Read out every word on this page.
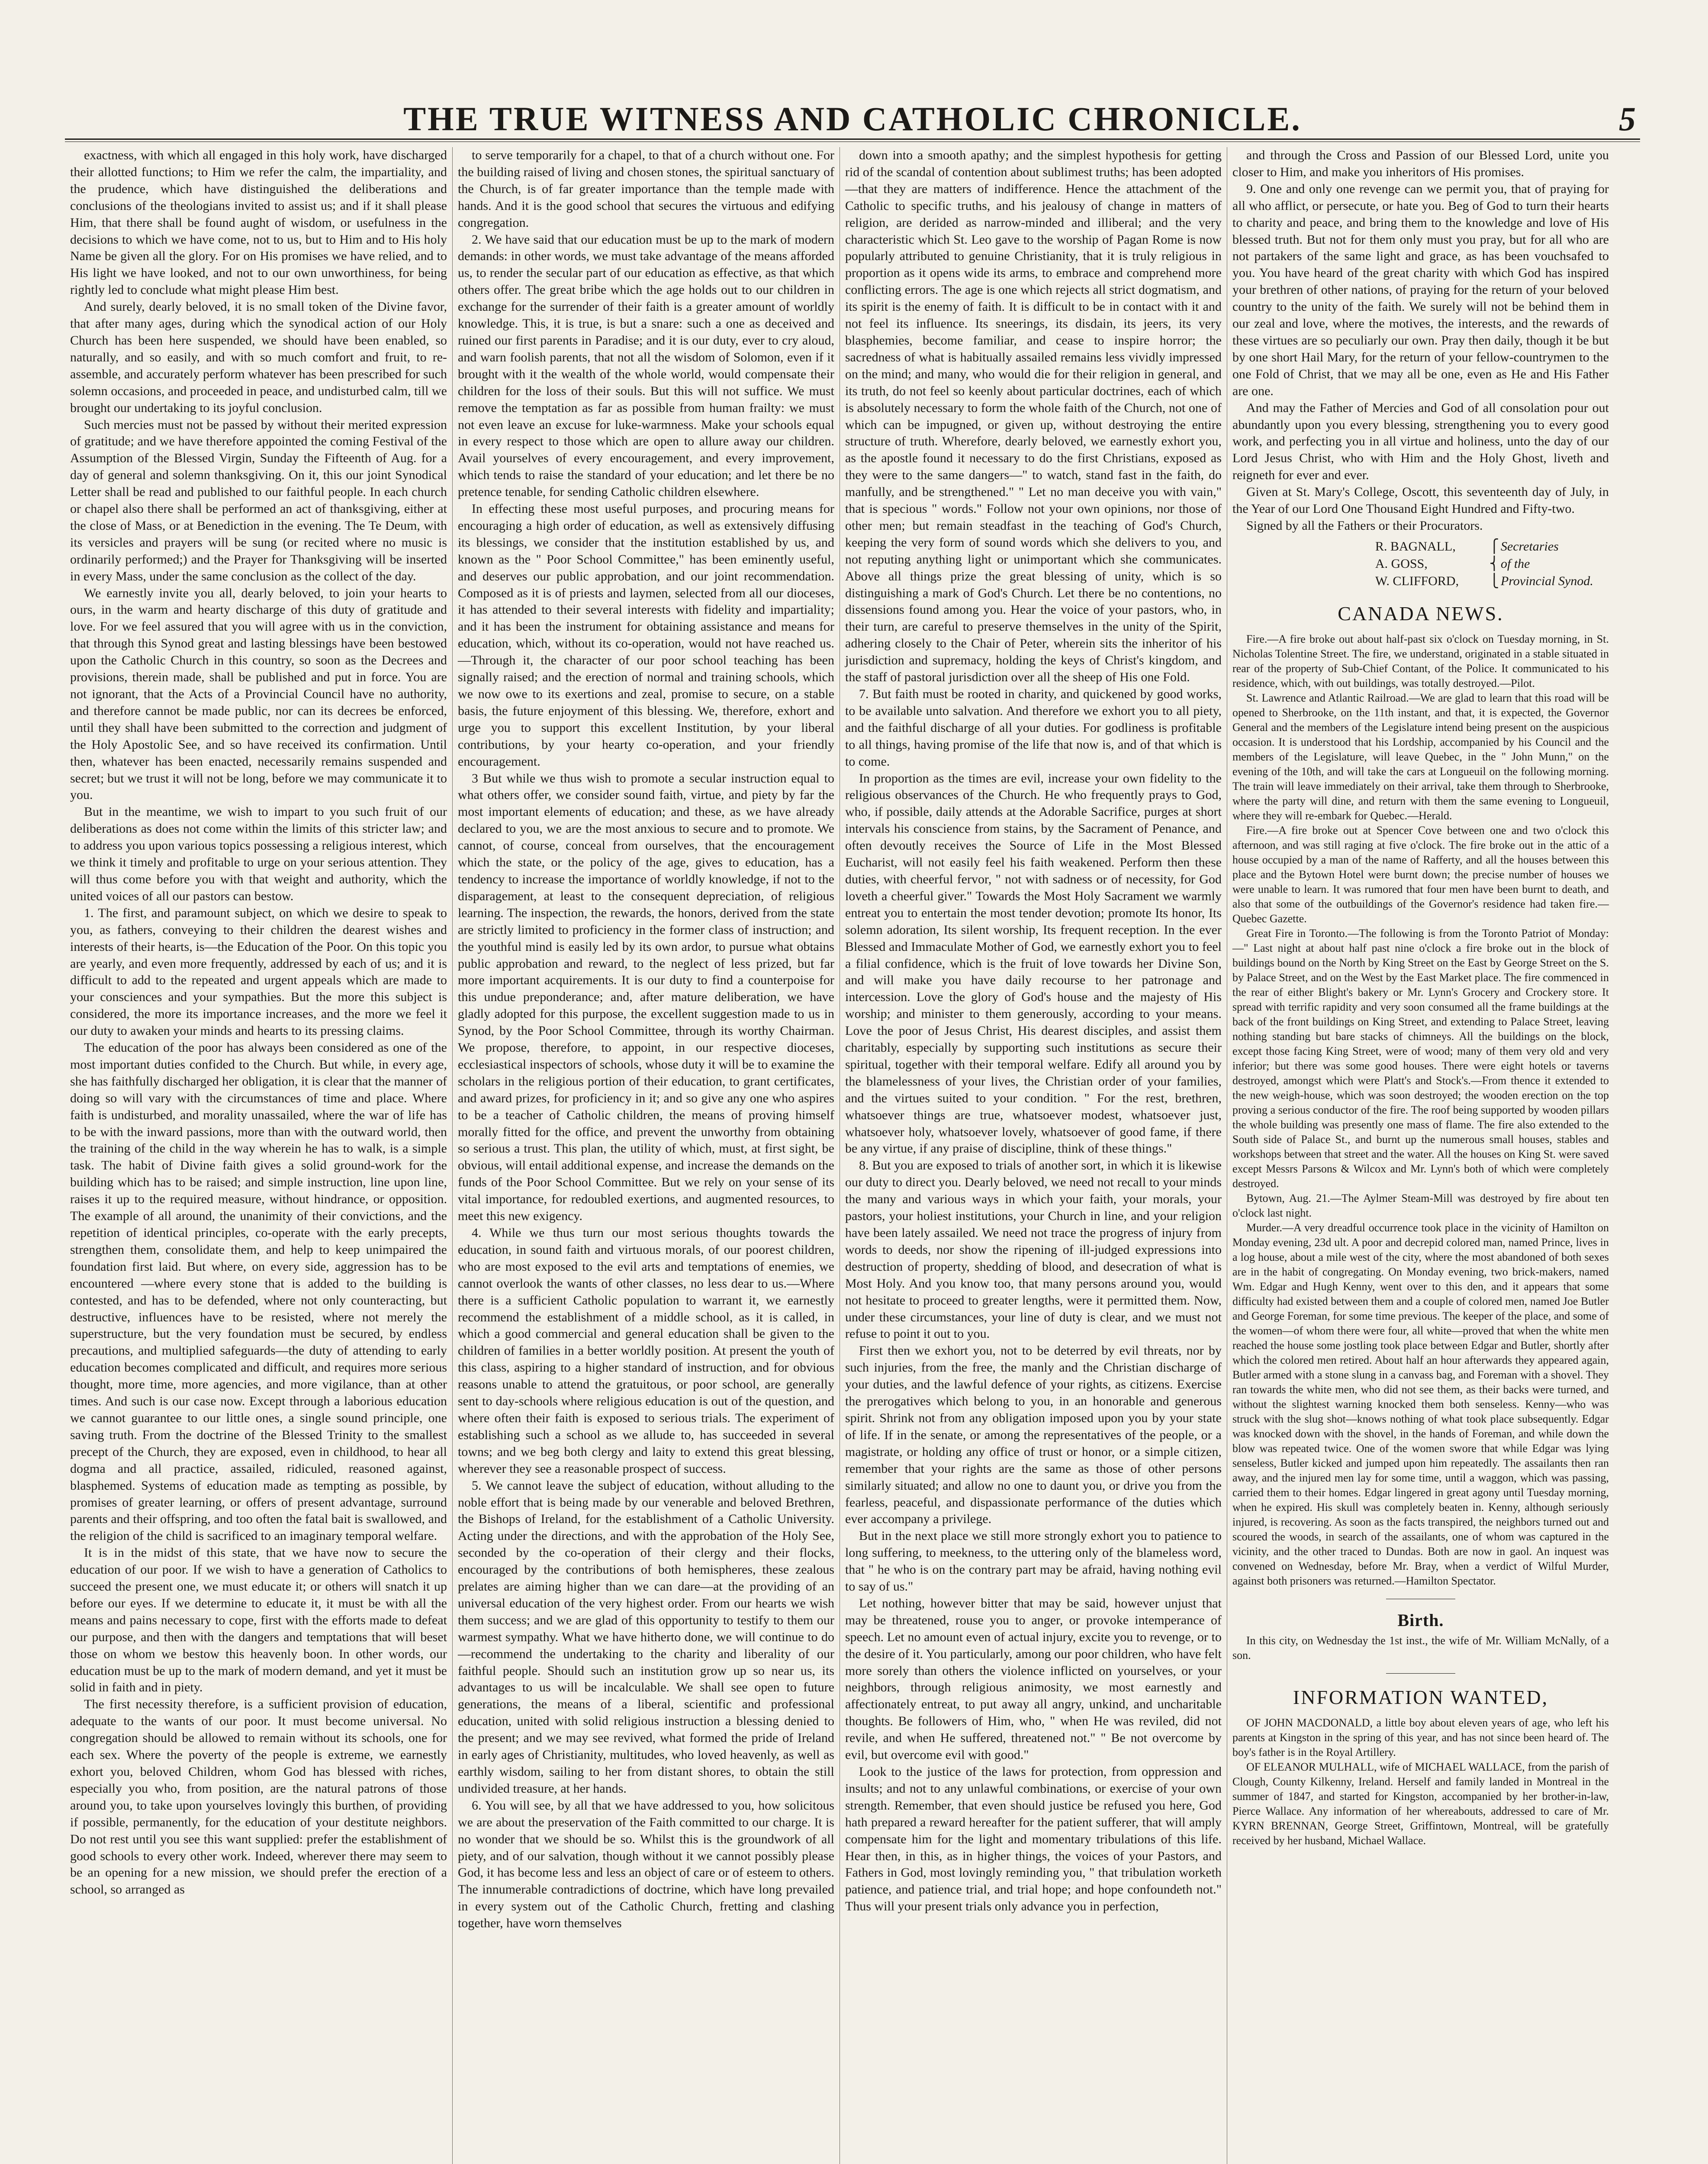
THE TRUE WITNESS AND CATHOLIC CHRONICLE.	5

exactness, with which all engaged in this holy work, have discharged their allotted functions; to Him we refer the calm, the impartiality, and the prudence, which have distinguished the deliberations and conclusions of the theologians invited to assist us; and if it shall please Him, that there shall be found aught of wisdom, or usefulness in the decisions to which we have come, not to us, but to Him and to His holy Name be given all the glory. For on His promises we have relied, and to His light we have looked, and not to our own unworthiness, for being rightly led to conclude what might please Him best.

And surely, dearly beloved, it is no small token of the Divine favor, that after many ages, during which the synodical action of our Holy Church has been here suspended, we should have been enabled, so naturally, and so easily, and with so much comfort and fruit, to re-assemble, and accurately perform whatever has been prescribed for such solemn occasions, and proceeded in peace, and undisturbed calm, till we brought our undertaking to its joyful conclusion.

Such mercies must not be passed by without their merited expression of gratitude; and we have therefore appointed the coming Festival of the Assumption of the Blessed Virgin, Sunday the Fifteenth of Aug. for a day of general and solemn thanksgiving. On it, this our joint Synodical Letter shall be read and published to our faithful people. In each church or chapel also there shall be performed an act of thanksgiving, either at the close of Mass, or at Benediction in the evening. The Te Deum, with its versicles and prayers will be sung (or recited where no music is ordinarily performed;) and the Prayer for Thanksgiving will be inserted in every Mass, under the same conclusion as the collect of the day.

We earnestly invite you all, dearly beloved, to join your hearts to ours, in the warm and hearty discharge of this duty of gratitude and love. For we feel assured that you will agree with us in the conviction, that through this Synod great and lasting blessings have been bestowed upon the Catholic Church in this country, so soon as the Decrees and provisions, therein made, shall be published and put in force. You are not ignorant, that the Acts of a Provincial Council have no authority, and therefore cannot be made public, nor can its decrees be enforced, until they shall have been submitted to the correction and judgment of the Holy Apostolic See, and so have received its confirmation. Until then, whatever has been enacted, necessarily remains suspended and secret; but we trust it will not be long, before we may communicate it to you.

But in the meantime, we wish to impart to you such fruit of our deliberations as does not come within the limits of this stricter law; and to address you upon various topics possessing a religious interest, which we think it timely and profitable to urge on your serious attention. They will thus come before you with that weight and authority, which the united voices of all our pastors can bestow.

1. The first, and paramount subject, on which we desire to speak to you, as fathers, conveying to their children the dearest wishes and interests of their hearts, is—the Education of the Poor. On this topic you are yearly, and even more frequently, addressed by each of us; and it is difficult to add to the repeated and urgent appeals which are made to your consciences and your sympathies. But the more this subject is considered, the more its importance increases, and the more we feel it our duty to awaken your minds and hearts to its pressing claims.

The education of the poor has always been considered as one of the most important duties confided to the Church. But while, in every age, she has faithfully discharged her obligation, it is clear that the manner of doing so will vary with the circumstances of time and place. Where faith is undisturbed, and morality unassailed, where the war of life has to be with the inward passions, more than with the outward world, then the training of the child in the way wherein he has to walk, is a simple task. The habit of Divine faith gives a solid ground-work for the building which has to be raised; and simple instruction, line upon line, raises it up to the required measure, without hindrance, or opposition. The example of all around, the unanimity of their convictions, and the repetition of identical principles, co-operate with the early precepts, strengthen them, consolidate them, and help to keep unimpaired the foundation first laid. But where, on every side, aggression has to be encountered —where every stone that is added to the building is contested, and has to be defended, where not only counteracting, but destructive, influences have to be resisted, where not merely the superstructure, but the very foundation must be secured, by endless precautions, and multiplied safeguards—the duty of attending to early education becomes complicated and difficult, and requires more serious thought, more time, more agencies, and more vigilance, than at other times. And such is our case now. Except through a laborious education we cannot guarantee to our little ones, a single sound principle, one saving truth. From the doctrine of the Blessed Trinity to the smallest precept of the Church, they are exposed, even in childhood, to hear all dogma and all practice, assailed, ridiculed, reasoned against, blasphemed. Systems of education made as tempting as possible, by promises of greater learning, or offers of present advantage, surround parents and their offspring, and too often the fatal bait is swallowed, and the religion of the child is sacrificed to an imaginary temporal welfare.

It is in the midst of this state, that we have now to secure the education of our poor. If we wish to have a generation of Catholics to succeed the present one, we must educate it; or others will snatch it up before our eyes. If we determine to educate it, it must be with all the means and pains necessary to cope, first with the efforts made to defeat our purpose, and then with the dangers and temptations that will beset those on whom we bestow this heavenly boon. In other words, our education must be up to the mark of modern demand, and yet it must be solid in faith and in piety.

The first necessity therefore, is a sufficient provision of education, adequate to the wants of our poor. It must become universal. No congregation should be allowed to remain without its schools, one for each sex. Where the poverty of the people is extreme, we earnestly exhort you, beloved Children, whom God has blessed with riches, especially you who, from position, are the natural patrons of those around you, to take upon yourselves lovingly this burthen, of providing if possible, permanently, for the education of your destitute neighbors. Do not rest until you see this want supplied: prefer the establishment of good schools to every other work. Indeed, wherever there may seem to be an opening for a new mission, we should prefer the erection of a school, so arranged as

to serve temporarily for a chapel, to that of a church without one. For the building raised of living and chosen stones, the spiritual sanctuary of the Church, is of far greater importance than the temple made with hands. And it is the good school that secures the virtuous and edifying congregation.

2. We have said that our education must be up to the mark of modern demands: in other words, we must take advantage of the means afforded us, to render the secular part of our education as effective, as that which others offer. The great bribe which the age holds out to our children in exchange for the surrender of their faith is a greater amount of worldly knowledge. This, it is true, is but a snare: such a one as deceived and ruined our first parents in Paradise; and it is our duty, ever to cry aloud, and warn foolish parents, that not all the wisdom of Solomon, even if it brought with it the wealth of the whole world, would compensate their children for the loss of their souls. But this will not suffice. We must remove the temptation as far as possible from human frailty: we must not even leave an excuse for luke-warmness. Make your schools equal in every respect to those which are open to allure away our children. Avail yourselves of every encouragement, and every improvement, which tends to raise the standard of your education; and let there be no pretence tenable, for sending Catholic children elsewhere.

In effecting these most useful purposes, and procuring means for encouraging a high order of education, as well as extensively diffusing its blessings, we consider that the institution established by us, and known as the " Poor School Committee," has been eminently useful, and deserves our public approbation, and our joint recommendation. Composed as it is of priests and laymen, selected from all our dioceses, it has attended to their several interests with fidelity and impartiality; and it has been the instrument for obtaining assistance and means for education, which, without its co-operation, would not have reached us.—Through it, the character of our poor school teaching has been signally raised; and the erection of normal and training schools, which we now owe to its exertions and zeal, promise to secure, on a stable basis, the future enjoyment of this blessing. We, therefore, exhort and urge you to support this excellent Institution, by your liberal contributions, by your hearty co-operation, and your friendly encouragement.

3 But while we thus wish to promote a secular instruction equal to what others offer, we consider sound faith, virtue, and piety by far the most important elements of education; and these, as we have already declared to you, we are the most anxious to secure and to promote. We cannot, of course, conceal from ourselves, that the encouragement which the state, or the policy of the age, gives to education, has a tendency to increase the importance of worldly knowledge, if not to the disparagement, at least to the consequent depreciation, of religious learning. The inspection, the rewards, the honors, derived from the state are strictly limited to proficiency in the former class of instruction; and the youthful mind is easily led by its own ardor, to pursue what obtains public approbation and reward, to the neglect of less prized, but far more important acquirements. It is our duty to find a counterpoise for this undue preponderance; and, after mature deliberation, we have gladly adopted for this purpose, the excellent suggestion made to us in Synod, by the Poor School Committee, through its worthy Chairman. We propose, therefore, to appoint, in our respective dioceses, ecclesiastical inspectors of schools, whose duty it will be to examine the scholars in the religious portion of their education, to grant certificates, and award prizes, for proficiency in it; and so give any one who aspires to be a teacher of Catholic children, the means of proving himself morally fitted for the office, and prevent the unworthy from obtaining so serious a trust. This plan, the utility of which, must, at first sight, be obvious, will entail additional expense, and increase the demands on the funds of the Poor School Committee. But we rely on your sense of its vital importance, for redoubled exertions, and augmented resources, to meet this new exigency.

4. While we thus turn our most serious thoughts towards the education, in sound faith and virtuous morals, of our poorest children, who are most exposed to the evil arts and temptations of enemies, we cannot overlook the wants of other classes, no less dear to us.—Where there is a sufficient Catholic population to warrant it, we earnestly recommend the establishment of a middle school, as it is called, in which a good commercial and general education shall be given to the children of families in a better worldly position. At present the youth of this class, aspiring to a higher standard of instruction, and for obvious reasons unable to attend the gratuitous, or poor school, are generally sent to day-schools where religious education is out of the question, and where often their faith is exposed to serious trials. The experiment of establishing such a school as we allude to, has succeeded in several towns; and we beg both clergy and laity to extend this great blessing, wherever they see a reasonable prospect of success.

5. We cannot leave the subject of education, without alluding to the noble effort that is being made by our venerable and beloved Brethren, the Bishops of Ireland, for the establishment of a Catholic University. Acting under the directions, and with the approbation of the Holy See, seconded by the co-operation of their clergy and their flocks, encouraged by the contributions of both hemispheres, these zealous prelates are aiming higher than we can dare—at the providing of an universal education of the very highest order. From our hearts we wish them success; and we are glad of this opportunity to testify to them our warmest sympathy. What we have hitherto done, we will continue to do—recommend the undertaking to the charity and liberality of our faithful people. Should such an institution grow up so near us, its advantages to us will be incalculable. We shall see open to future generations, the means of a liberal, scientific and professional education, united with solid religious instruction a blessing denied to the present; and we may see revived, what formed the pride of Ireland in early ages of Christianity, multitudes, who loved heavenly, as well as earthly wisdom, sailing to her from distant shores, to obtain the still undivided treasure, at her hands.

6. You will see, by all that we have addressed to you, how solicitous we are about the preservation of the Faith committed to our charge. It is no wonder that we should be so. Whilst this is the groundwork of all piety, and of our salvation, though without it we cannot possibly please God, it has become less and less an object of care or of esteem to others. The innumerable contradictions of doctrine, which have long prevailed in every system out of the Catholic Church, fretting and clashing together, have worn themselves

down into a smooth apathy; and the simplest hypothesis for getting rid of the scandal of contention about sublimest truths; has been adopted—that they are matters of indifference. Hence the attachment of the Catholic to specific truths, and his jealousy of change in matters of religion, are derided as narrow-minded and illiberal; and the very characteristic which St. Leo gave to the worship of Pagan Rome is now popularly attributed to genuine Christianity, that it is truly religious in proportion as it opens wide its arms, to embrace and comprehend more conflicting errors. The age is one which rejects all strict dogmatism, and its spirit is the enemy of faith. It is difficult to be in contact with it and not feel its influence. Its sneerings, its disdain, its jeers, its very blasphemies, become familiar, and cease to inspire horror; the sacredness of what is habitually assailed remains less vividly impressed on the mind; and many, who would die for their religion in general, and its truth, do not feel so keenly about particular doctrines, each of which is absolutely necessary to form the whole faith of the Church, not one of which can be impugned, or given up, without destroying the entire structure of truth. Wherefore, dearly beloved, we earnestly exhort you, as the apostle found it necessary to do the first Christians, exposed as they were to the same dangers—" to watch, stand fast in the faith, do manfully, and be strengthened." " Let no man deceive you with vain," that is specious " words." Follow not your own opinions, nor those of other men; but remain steadfast in the teaching of God's Church, keeping the very form of sound words which she delivers to you, and not reputing anything light or unimportant which she communicates. Above all things prize the great blessing of unity, which is so distinguishing a mark of God's Church. Let there be no contentions, no dissensions found among you. Hear the voice of your pastors, who, in their turn, are careful to preserve themselves in the unity of the Spirit, adhering closely to the Chair of Peter, wherein sits the inheritor of his jurisdiction and supremacy, holding the keys of Christ's kingdom, and the staff of pastoral jurisdiction over all the sheep of His one Fold.

7. But faith must be rooted in charity, and quickened by good works, to be available unto salvation. And therefore we exhort you to all piety, and the faithful discharge of all your duties. For godliness is profitable to all things, having promise of the life that now is, and of that which is to come.

In proportion as the times are evil, increase your own fidelity to the religious observances of the Church. He who frequently prays to God, who, if possible, daily attends at the Adorable Sacrifice, purges at short intervals his conscience from stains, by the Sacrament of Penance, and often devoutly receives the Source of Life in the Most Blessed Eucharist, will not easily feel his faith weakened. Perform then these duties, with cheerful fervor, " not with sadness or of necessity, for God loveth a cheerful giver." Towards the Most Holy Sacrament we warmly entreat you to entertain the most tender devotion; promote Its honor, Its solemn adoration, Its silent worship, Its frequent reception. In the ever Blessed and Immaculate Mother of God, we earnestly exhort you to feel a filial confidence, which is the fruit of love towards her Divine Son, and will make you have daily recourse to her patronage and intercession. Love the glory of God's house and the majesty of His worship; and minister to them generously, according to your means. Love the poor of Jesus Christ, His dearest disciples, and assist them charitably, especially by supporting such institutions as secure their spiritual, together with their temporal welfare. Edify all around you by the blamelessness of your lives, the Christian order of your families, and the virtues suited to your condition. " For the rest, brethren, whatsoever things are true, whatsoever modest, whatsoever just, whatsoever holy, whatsoever lovely, whatsoever of good fame, if there be any virtue, if any praise of discipline, think of these things."

8. But you are exposed to trials of another sort, in which it is likewise our duty to direct you. Dearly beloved, we need not recall to your minds the many and various ways in which your faith, your morals, your pastors, your holiest institutions, your Church in line, and your religion have been lately assailed. We need not trace the progress of injury from words to deeds, nor show the ripening of ill-judged expressions into destruction of property, shedding of blood, and desecration of what is Most Holy. And you know too, that many persons around you, would not hesitate to proceed to greater lengths, were it permitted them. Now, under these circumstances, your line of duty is clear, and we must not refuse to point it out to you.

First then we exhort you, not to be deterred by evil threats, nor by such injuries, from the free, the manly and the Christian discharge of your duties, and the lawful defence of your rights, as citizens. Exercise the prerogatives which belong to you, in an honorable and generous spirit. Shrink not from any obligation imposed upon you by your state of life. If in the senate, or among the representatives of the people, or a magistrate, or holding any office of trust or honor, or a simple citizen, remember that your rights are the same as those of other persons similarly situated; and allow no one to daunt you, or drive you from the fearless, peaceful, and dispassionate performance of the duties which ever accompany a privilege.

But in the next place we still more strongly exhort you to patience to long suffering, to meekness, to the uttering only of the blameless word, that " he who is on the contrary part may be afraid, having nothing evil to say of us."

Let nothing, however bitter that may be said, however unjust that may be threatened, rouse you to anger, or provoke intemperance of speech. Let no amount even of actual injury, excite you to revenge, or to the desire of it. You particularly, among our poor children, who have felt more sorely than others the violence inflicted on yourselves, or your neighbors, through religious animosity, we most earnestly and affectionately entreat, to put away all angry, unkind, and uncharitable thoughts. Be followers of Him, who, " when He was reviled, did not revile, and when He suffered, threatened not." " Be not overcome by evil, but overcome evil with good."

Look to the justice of the laws for protection, from oppression and insults; and not to any unlawful combinations, or exercise of your own strength. Remember, that even should justice be refused you here, God hath prepared a reward hereafter for the patient sufferer, that will amply compensate him for the light and momentary tribulations of this life. Hear then, in this, as in higher things, the voices of your Pastors, and Fathers in God, most lovingly reminding you, " that tribulation worketh patience, and patience trial, and trial hope; and hope confoundeth not." Thus will your present trials only advance you in perfection,

and through the Cross and Passion of our Blessed Lord, unite you closer to Him, and make you inheritors of His promises.

9. One and only one revenge can we permit you, that of praying for all who afflict, or persecute, or hate you. Beg of God to turn their hearts to charity and peace, and bring them to the knowledge and love of His blessed truth. But not for them only must you pray, but for all who are not partakers of the same light and grace, as has been vouchsafed to you. You have heard of the great charity with which God has inspired your brethren of other nations, of praying for the return of your beloved country to the unity of the faith. We surely will not be behind them in our zeal and love, where the motives, the interests, and the rewards of these virtues are so peculiarly our own. Pray then daily, though it be but by one short Hail Mary, for the return of your fellow-countrymen to the one Fold of Christ, that we may all be one, even as He and His Father are one.

And may the Father of Mercies and God of all consolation pour out abundantly upon you every blessing, strengthening you to every good work, and perfecting you in all virtue and holiness, unto the day of our Lord Jesus Christ, who with Him and the Holy Ghost, liveth and reigneth for ever and ever.

Given at St. Mary's College, Oscott, this seventeenth day of July, in the Year of our Lord One Thousand Eight Hundred and Fifty-two.

Signed by all the Fathers or their Procurators.

R. BAGNALL,	⎧ Secretaries
A. GOSS,	⎨ of the
W. CLIFFORD,	⎩ Provincial Synod.
CANADA NEWS.

Fire.—A fire broke out about half-past six o'clock on Tuesday morning, in St. Nicholas Tolentine Street. The fire, we understand, originated in a stable situated in rear of the property of Sub-Chief Contant, of the Police. It communicated to his residence, which, with out buildings, was totally destroyed.—Pilot.

St. Lawrence and Atlantic Railroad.—We are glad to learn that this road will be opened to Sherbrooke, on the 11th instant, and that, it is expected, the Governor General and the members of the Legislature intend being present on the auspicious occasion. It is understood that his Lordship, accompanied by his Council and the members of the Legislature, will leave Quebec, in the " John Munn," on the evening of the 10th, and will take the cars at Longueuil on the following morning. The train will leave immediately on their arrival, take them through to Sherbrooke, where the party will dine, and return with them the same evening to Longueuil, where they will re-embark for Quebec.—Herald.

Fire.—A fire broke out at Spencer Cove between one and two o'clock this afternoon, and was still raging at five o'clock. The fire broke out in the attic of a house occupied by a man of the name of Rafferty, and all the houses between this place and the Bytown Hotel were burnt down; the precise number of houses we were unable to learn. It was rumored that four men have been burnt to death, and also that some of the outbuildings of the Governor's residence had taken fire.—Quebec Gazette.

Great Fire in Toronto.—The following is from the Toronto Patriot of Monday:—" Last night at about half past nine o'clock a fire broke out in the block of buildings bound on the North by King Street on the East by George Street on the S. by Palace Street, and on the West by the East Market place. The fire commenced in the rear of either Blight's bakery or Mr. Lynn's Grocery and Crockery store. It spread with terrific rapidity and very soon consumed all the frame buildings at the back of the front buildings on King Street, and extending to Palace Street, leaving nothing standing but bare stacks of chimneys. All the buildings on the block, except those facing King Street, were of wood; many of them very old and very inferior; but there was some good houses. There were eight hotels or taverns destroyed, amongst which were Platt's and Stock's.—From thence it extended to the new weigh-house, which was soon destroyed; the wooden erection on the top proving a serious conductor of the fire. The roof being supported by wooden pillars the whole building was presently one mass of flame. The fire also extended to the South side of Palace St., and burnt up the numerous small houses, stables and workshops between that street and the water. All the houses on King St. were saved except Messrs Parsons & Wilcox and Mr. Lynn's both of which were completely destroyed.

Bytown, Aug. 21.—The Aylmer Steam-Mill was destroyed by fire about ten o'clock last night.

Murder.—A very dreadful occurrence took place in the vicinity of Hamilton on Monday evening, 23d ult. A poor and decrepid colored man, named Prince, lives in a log house, about a mile west of the city, where the most abandoned of both sexes are in the habit of congregating. On Monday evening, two brick-makers, named Wm. Edgar and Hugh Kenny, went over to this den, and it appears that some difficulty had existed between them and a couple of colored men, named Joe Butler and George Foreman, for some time previous. The keeper of the place, and some of the women—of whom there were four, all white—proved that when the white men reached the house some jostling took place between Edgar and Butler, shortly after which the colored men retired. About half an hour afterwards they appeared again, Butler armed with a stone slung in a canvass bag, and Foreman with a shovel. They ran towards the white men, who did not see them, as their backs were turned, and without the slightest warning knocked them both senseless. Kenny—who was struck with the slug shot—knows nothing of what took place subsequently. Edgar was knocked down with the shovel, in the hands of Foreman, and while down the blow was repeated twice. One of the women swore that while Edgar was lying senseless, Butler kicked and jumped upon him repeatedly. The assailants then ran away, and the injured men lay for some time, until a waggon, which was passing, carried them to their homes. Edgar lingered in great agony until Tuesday morning, when he expired. His skull was completely beaten in. Kenny, although seriously injured, is recovering. As soon as the facts transpired, the neighbors turned out and scoured the woods, in search of the assailants, one of whom was captured in the vicinity, and the other traced to Dundas. Both are now in gaol. An inquest was convened on Wednesday, before Mr. Bray, when a verdict of Wilful Murder, against both prisoners was returned.—Hamilton Spectator.

Birth.

In this city, on Wednesday the 1st inst., the wife of Mr. William McNally, of a son.

INFORMATION WANTED,

OF JOHN MACDONALD, a little boy about eleven years of age, who left his parents at Kingston in the spring of this year, and has not since been heard of. The boy's father is in the Royal Artillery.

OF ELEANOR MULHALL, wife of MICHAEL WALLACE, from the parish of Clough, County Kilkenny, Ireland. Herself and family landed in Montreal in the summer of 1847, and started for Kingston, accompanied by her brother-in-law, Pierce Wallace. Any information of her whereabouts, addressed to care of Mr. KYRN BRENNAN, George Street, Griffintown, Montreal, will be gratefully received by her husband, Michael Wallace.
